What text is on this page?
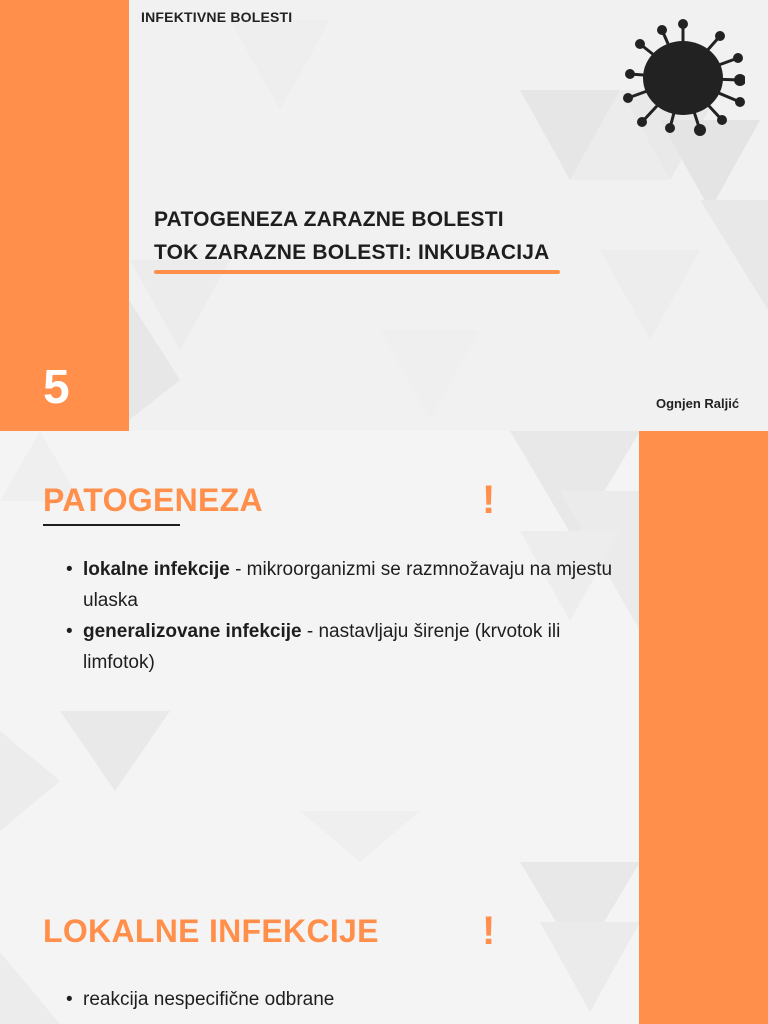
INFEKTIVNE BOLESTI
PATOGENEZA ZARAZNE BOLESTI
TOK ZARAZNE BOLESTI: INKUBACIJA
5	Ognjen Raljić
PATOGENEZA	!
• lokalne infekcije - mikroorganizmi se razmnožavaju na mjestu ulaska
• generalizovane infekcije - nastavljaju širenje (krvotok ili limfotok)
LOKALNE INFEKCIJE	!
• reakcija nespecifične odbrane
